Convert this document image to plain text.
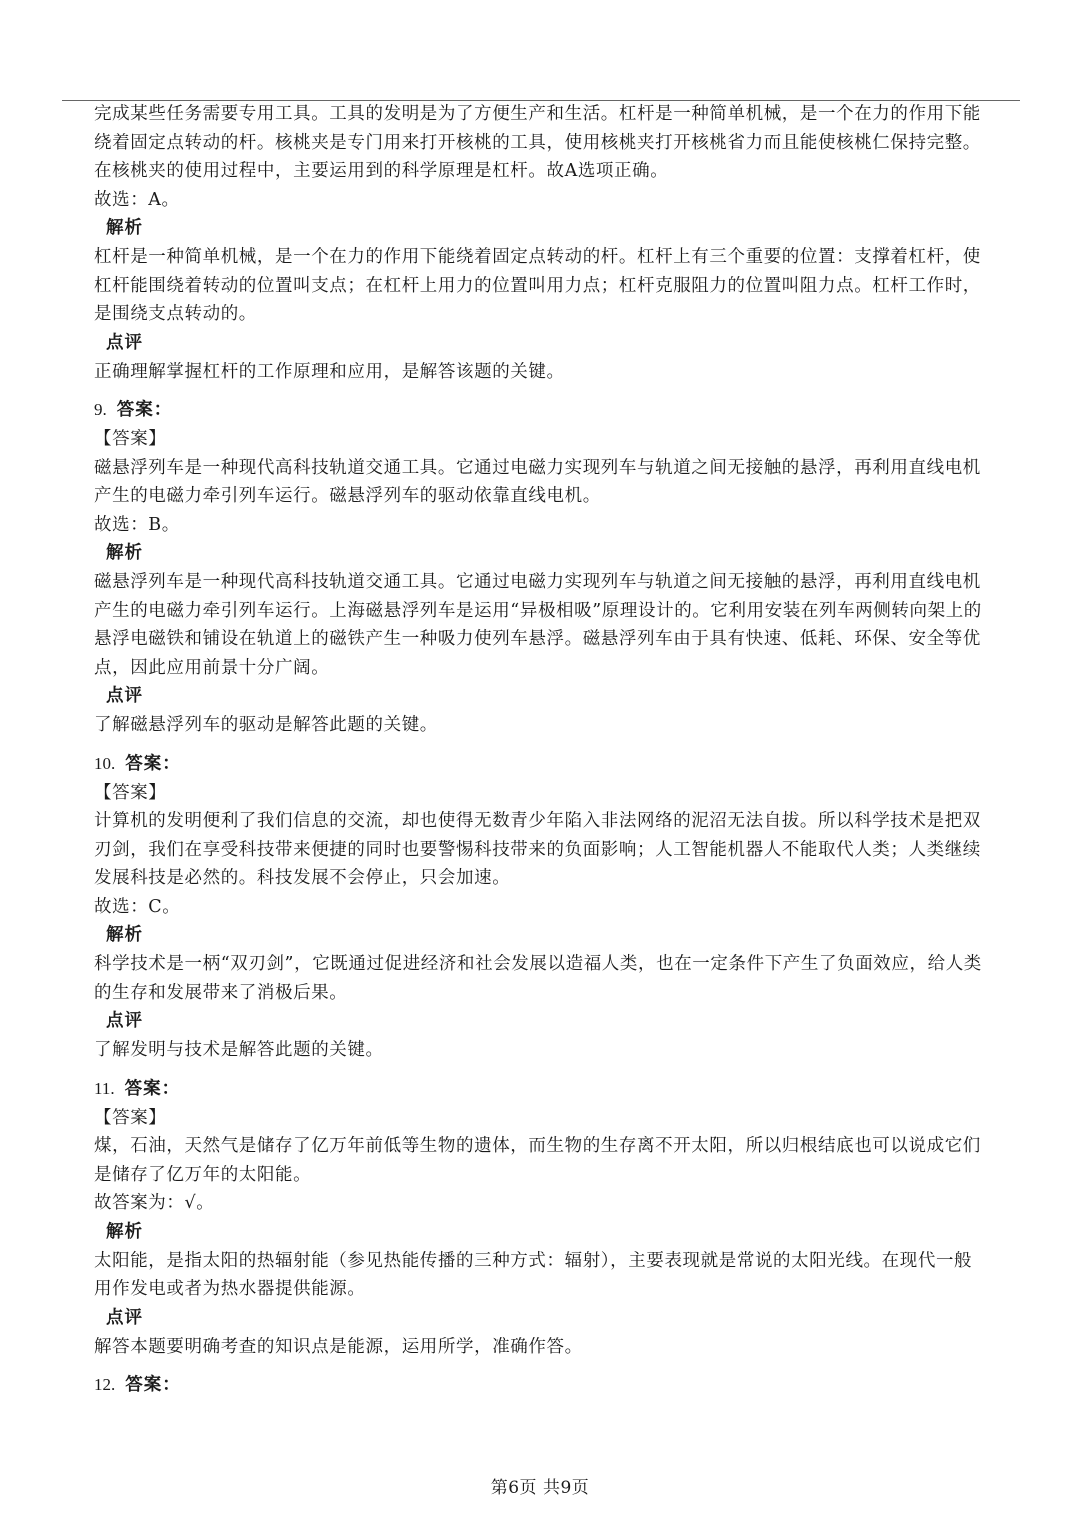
完成某些任务需要专用工具。工具的发明是为了方便生产和生活。杠杆是一种简单机械，是一个在力的作用下能
绕着固定点转动的杆。核桃夹是专门用来打开核桃的工具，使用核桃夹打开核桃省力而且能使核桃仁保持完整。
在核桃夹的使用过程中，主要运用到的科学原理是杠杆。故A选项正确。
故选：A。
解析
杠杆是一种简单机械，是一个在力的作用下能绕着固定点转动的杆。杠杆上有三个重要的位置：支撑着杠杆，使
杠杆能围绕着转动的位置叫支点；在杠杆上用力的位置叫用力点；杠杆克服阻力的位置叫阻力点。杠杆工作时，
是围绕支点转动的。
点评
正确理解掌握杠杆的工作原理和应用，是解答该题的关键。
9. 答案：
【答案】
磁悬浮列车是一种现代高科技轨道交通工具。它通过电磁力实现列车与轨道之间无接触的悬浮，再利用直线电机
产生的电磁力牵引列车运行。磁悬浮列车的驱动依靠直线电机。
故选：B。
解析
磁悬浮列车是一种现代高科技轨道交通工具。它通过电磁力实现列车与轨道之间无接触的悬浮，再利用直线电机
产生的电磁力牵引列车运行。上海磁悬浮列车是运用“异极相吸”原理设计的。它利用安装在列车两侧转向架上的
悬浮电磁铁和铺设在轨道上的磁铁产生一种吸力使列车悬浮。磁悬浮列车由于具有快速、低耗、环保、安全等优
点，因此应用前景十分广阔。
点评
了解磁悬浮列车的驱动是解答此题的关键。
10. 答案：
【答案】
计算机的发明便利了我们信息的交流，却也使得无数青少年陷入非法网络的泥沼无法自拔。所以科学技术是把双
刃剑，我们在享受科技带来便捷的同时也要警惕科技带来的负面影响；人工智能机器人不能取代人类；人类继续
发展科技是必然的。科技发展不会停止，只会加速。
故选：C。
解析
科学技术是一柄“双刃剑”，它既通过促进经济和社会发展以造福人类，也在一定条件下产生了负面效应，给人类
的生存和发展带来了消极后果。
点评
了解发明与技术是解答此题的关键。
11. 答案：
【答案】
煤，石油，天然气是储存了亿万年前低等生物的遗体，而生物的生存离不开太阳，所以归根结底也可以说成它们
是储存了亿万年的太阳能。
故答案为：√。
解析
太阳能，是指太阳的热辐射能（参见热能传播的三种方式：辐射），主要表现就是常说的太阳光线。在现代一般
用作发电或者为热水器提供能源。
点评
解答本题要明确考查的知识点是能源，运用所学，准确作答。
12. 答案：
第6页 共9页
